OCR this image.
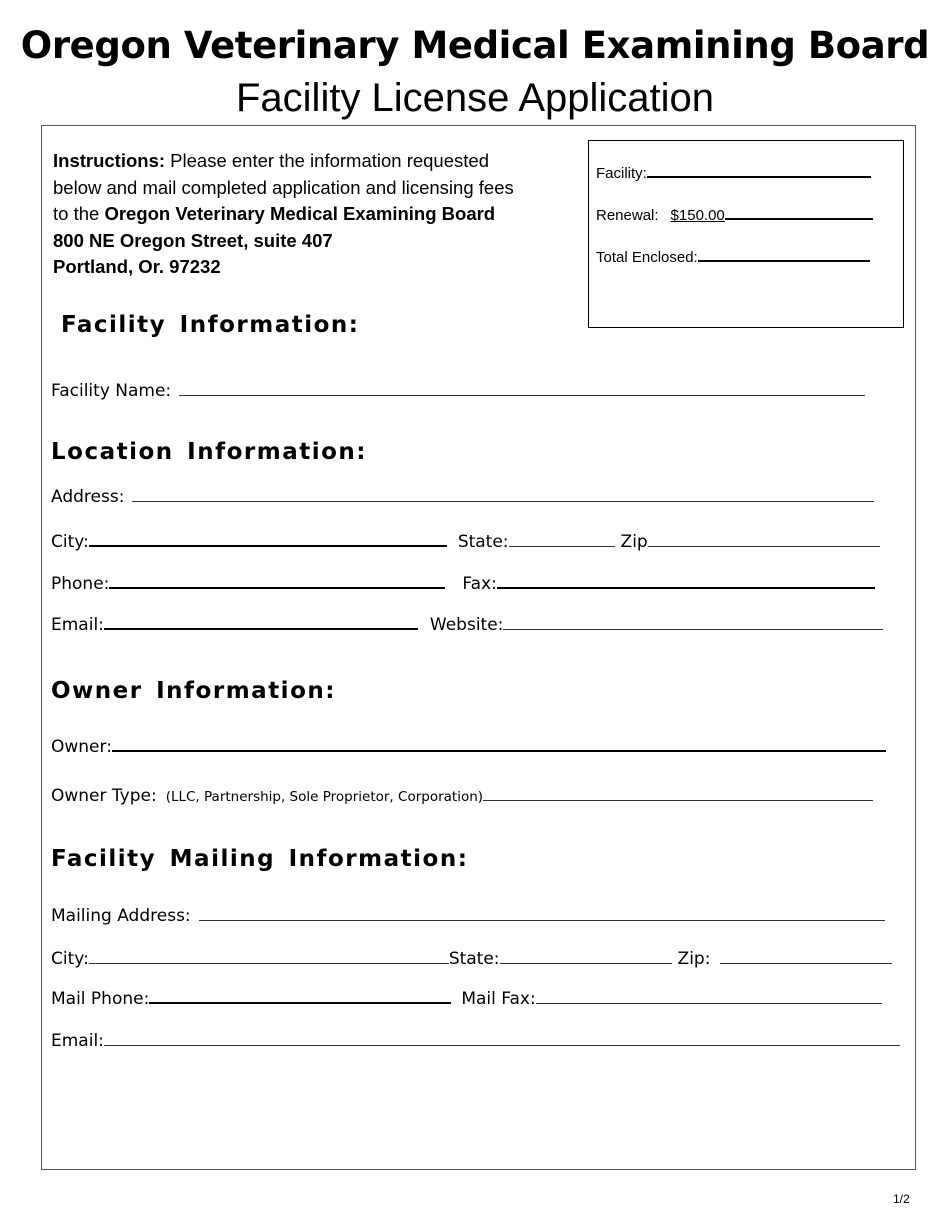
Oregon Veterinary Medical Examining Board
Facility License Application
Instructions: Please enter the information requested
below and mail completed application and licensing fees
to the Oregon Veterinary Medical Examining Board
800 NE Oregon Street, suite 407
Portland, Or. 97232
Facility:
Renewal: $150.00
Total Enclosed:
Facility Information:
Facility Name:
Location Information:
Address:
City:	State:	Zip
Phone:	Fax:
Email:	Website:
Owner Information:
Owner:
Owner Type: (LLC, Partnership, Sole Proprietor, Corporation)
Facility Mailing Information:
Mailing Address:
City:	State:	Zip:
Mail Phone:	Mail Fax:
Email:
1/2
